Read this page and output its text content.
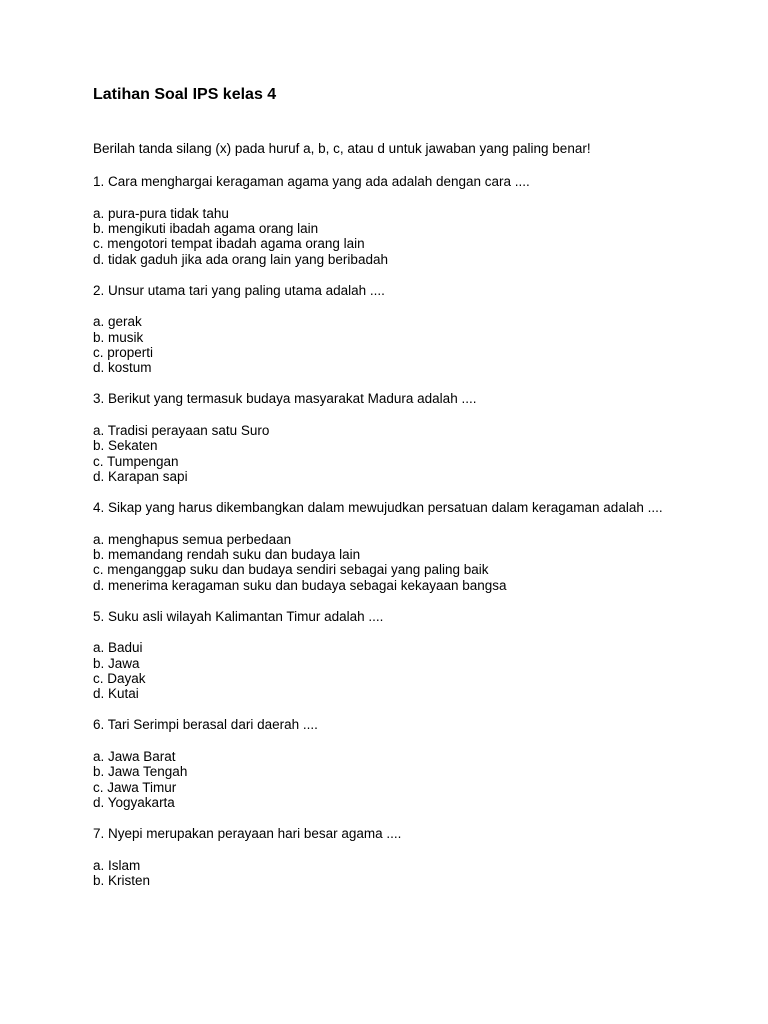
Latihan Soal IPS kelas 4

Berilah tanda silang (x) pada huruf a, b, c, atau d untuk jawaban yang paling benar!

1. Cara menghargai keragaman agama yang ada adalah dengan cara ....

a. pura-pura tidak tahu
b. mengikuti ibadah agama orang lain
c. mengotori tempat ibadah agama orang lain
d. tidak gaduh jika ada orang lain yang beribadah

2. Unsur utama tari yang paling utama adalah ....

a. gerak
b. musik
c. properti
d. kostum

3. Berikut yang termasuk budaya masyarakat Madura adalah ....

a. Tradisi perayaan satu Suro
b. Sekaten
c. Tumpengan
d. Karapan sapi

4. Sikap yang harus dikembangkan dalam mewujudkan persatuan dalam keragaman adalah ....

a. menghapus semua perbedaan
b. memandang rendah suku dan budaya lain
c. menganggap suku dan budaya sendiri sebagai yang paling baik
d. menerima keragaman suku dan budaya sebagai kekayaan bangsa

5. Suku asli wilayah Kalimantan Timur adalah ....

a. Badui
b. Jawa
c. Dayak
d. Kutai

6. Tari Serimpi berasal dari daerah ....

a. Jawa Barat
b. Jawa Tengah
c. Jawa Timur
d. Yogyakarta

7. Nyepi merupakan perayaan hari besar agama ....

a. Islam
b. Kristen
